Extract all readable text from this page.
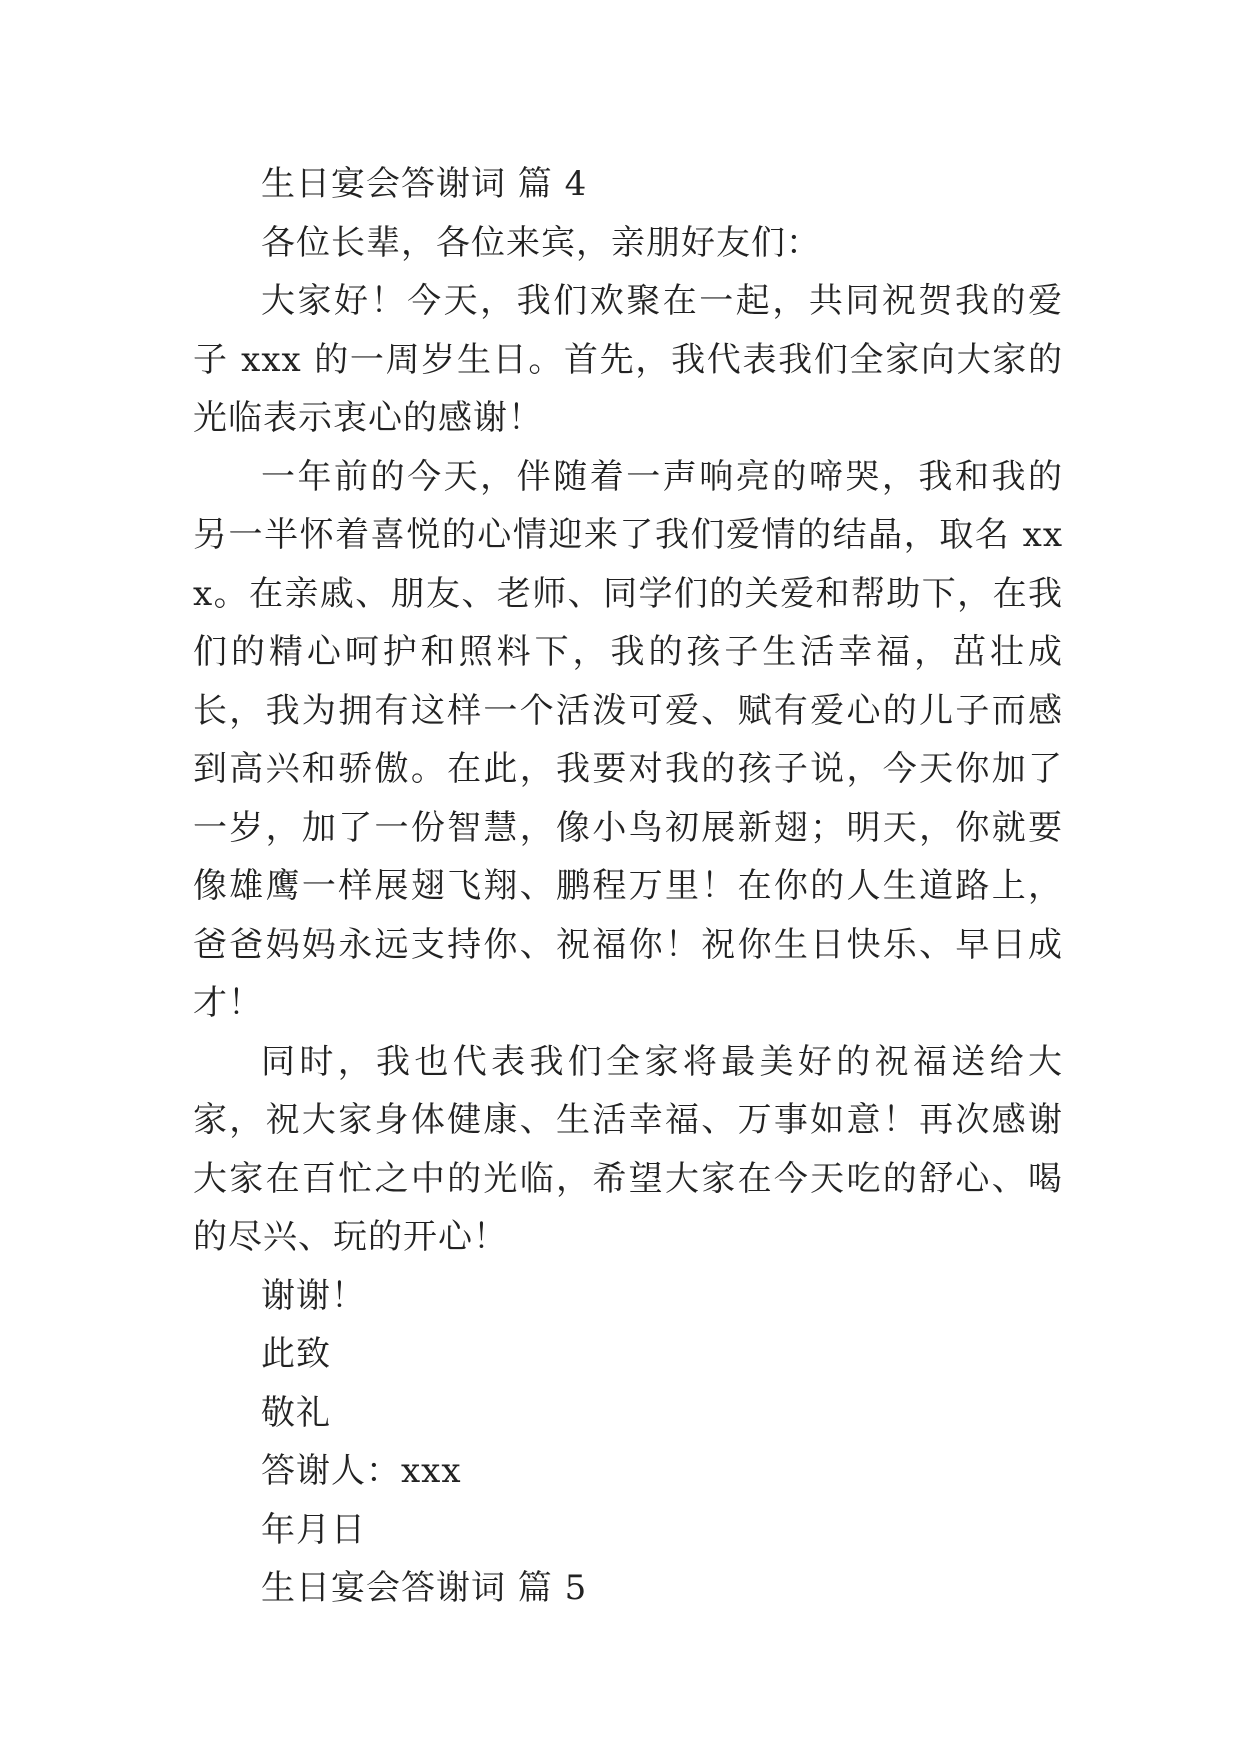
生日宴会答谢词 篇 4

各位长辈，各位来宾，亲朋好友们：

大家好！今天，我们欢聚在一起，共同祝贺我的爱子 xxx 的一周岁生日。首先，我代表我们全家向大家的光临表示衷心的感谢！

一年前的今天，伴随着一声响亮的啼哭，我和我的另一半怀着喜悦的心情迎来了我们爱情的结晶，取名 xxx。在亲戚、朋友、老师、同学们的关爱和帮助下，在我们的精心呵护和照料下，我的孩子生活幸福，茁壮成长，我为拥有这样一个活泼可爱、赋有爱心的儿子而感到高兴和骄傲。在此，我要对我的孩子说，今天你加了一岁，加了一份智慧，像小鸟初展新翅；明天，你就要像雄鹰一样展翅飞翔、鹏程万里！在你的人生道路上，爸爸妈妈永远支持你、祝福你！祝你生日快乐、早日成才！

同时，我也代表我们全家将最美好的祝福送给大家，祝大家身体健康、生活幸福、万事如意！再次感谢大家在百忙之中的光临，希望大家在今天吃的舒心、喝的尽兴、玩的开心！

谢谢！

此致

敬礼

答谢人：xxx

年月日

生日宴会答谢词 篇 5
